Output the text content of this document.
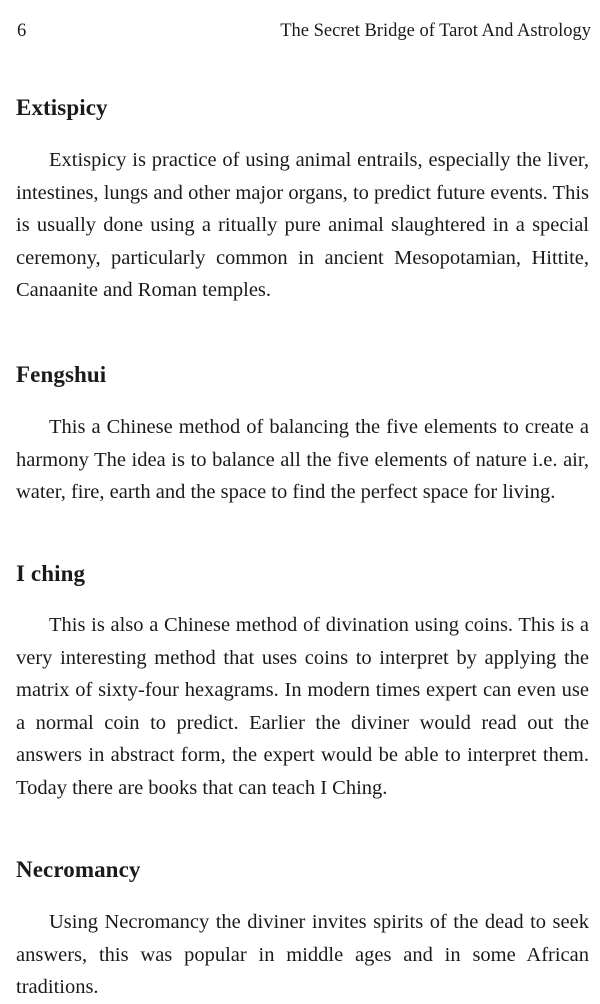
6	The Secret Bridge of Tarot And Astrology
Extispicy

Extispicy is practice of using animal entrails, especially the liver, intestines, lungs and other major organs, to predict future events. This is usually done using a ritually pure animal slaughtered in a special ceremony, particularly common in ancient Mesopotamian, Hittite, Canaanite and Roman temples.

Fengshui

This a Chinese method of balancing the five elements to create a harmony The idea is to balance all the five elements of nature i.e. air, water, fire, earth and the space to find the perfect space for living.

I ching

This is also a Chinese method of divination using coins. This is a very interesting method that uses coins to interpret by applying the matrix of sixty-four hexagrams. In modern times expert can even use a normal coin to predict. Earlier the diviner would read out the answers in abstract form, the expert would be able to interpret them. Today there are books that can teach I Ching.

Necromancy

Using Necromancy the diviner invites spirits of the dead to seek answers, this was popular in middle ages and in some African traditions.
